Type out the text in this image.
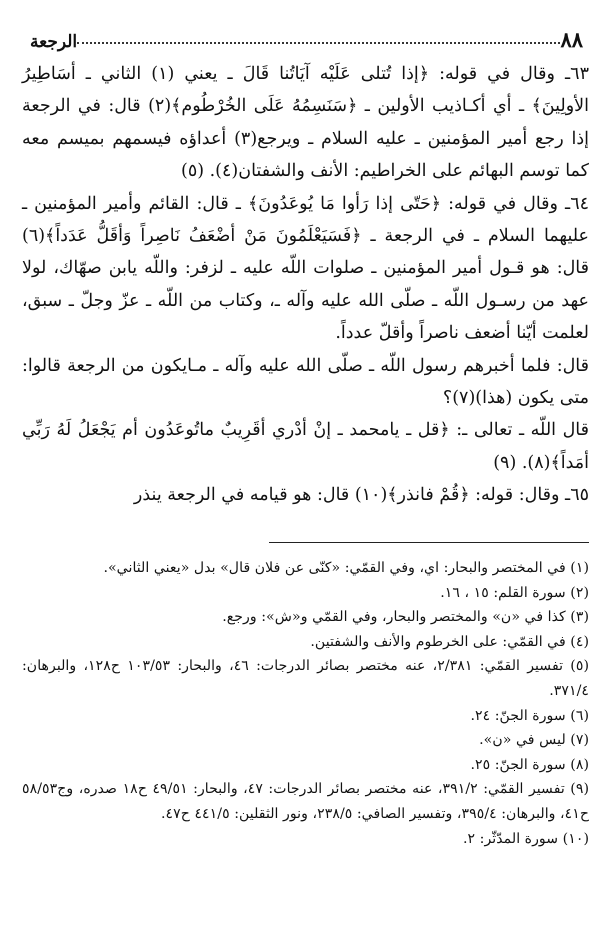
٨٨
الرجعة

٦٣ـ وقال في قوله: ﴿إذا تُتلى عَلَيْه آيَاتُنا قَالَ ـ يعني (١) الثاني ـ أسَاطِيرُ الأولِينَ﴾ ـ أي أكـاذيب الأولين ـ ﴿سَنَسِمُهُ عَلَى الخُرْطُوم﴾(٢) قال: في الرجعة إذا رجع أمير المؤمنين ـ عليه السلام ـ ويرجع(٣) أعداؤه فيسمهم بميسم معه كما توسم البهائم على الخراطيم: الأنف والشفتان(٤). (٥)

٦٤ـ وقال في قوله: ﴿حَتّى إذا رَأوا مَا يُوعَدُونَ﴾ ـ قال: القائم وأمير المؤمنين ـ عليهما السلام ـ في الرجعة ـ ﴿فَسَيَعْلَمُونَ مَنْ أضْعَفُ نَاصِراً وَأقَلُّ عَدَداً﴾(٦) قال: هو قـول أمير المؤمنين ـ صلوات اللّه عليه ـ لزفر: واللّه يابن صهّاك، لولا عهد من رسـول اللّه ـ صلّى الله عليه وآله ـ، وكتاب من اللّه ـ عزّ وجلّ ـ سبق، لعلمت أيّنا أضعف ناصراً وأقلّ عدداً.

قال: فلما أخبرهم رسول اللّه ـ صلّى الله عليه وآله ـ مـايكون من الرجعة قالوا: متى يكون (هذا)(٧)؟

قال اللّه ـ تعالى ـ: ﴿قل ـ يامحمد ـ إنْ أدْري أقَرِيبٌ ماتُوعَدُون أم يَجْعَلُ لَهُ رَبِّي أمَداً﴾(٨). (٩)

٦٥ـ وقال: قوله: ﴿قُمْ فانذر﴾(١٠) قال: هو قيامه في الرجعة ينذر

(١) في المختصر والبحار: اي، وفي القمّي: «كنّى عن فلان قال» بدل «يعني الثاني».

(٢) سورة القلم: ١٥ ، ١٦.

(٣) كذا في «ن» والمختصر والبحار، وفي القمّي و«ش»: ورجع.

(٤) في القمّي: على الخرطوم والأنف والشفتين.

(٥) تفسير القمّي: ٢/٣٨١، عنه مختصر بصائر الدرجات: ٤٦، والبحار: ١٠٣/٥٣ ح١٢٨، والبرهان: ٣٧١/٤.

(٦) سورة الجنّ: ٢٤.

(٧) ليس في «ن».

(٨) سورة الجنّ: ٢٥.

(٩) تفسير القمّي: ٣٩١/٢، عنه مختصر بصائر الدرجات: ٤٧، والبحار: ٤٩/٥١ ح١٨ صدره، وج٥٨/٥٣ ح٤١، والبرهان: ٣٩٥/٤، وتفسير الصافي: ٢٣٨/٥، ونور الثقلين: ٤٤١/٥ ح٤٧.

(١٠) سورة المدّثّر: ٢.
